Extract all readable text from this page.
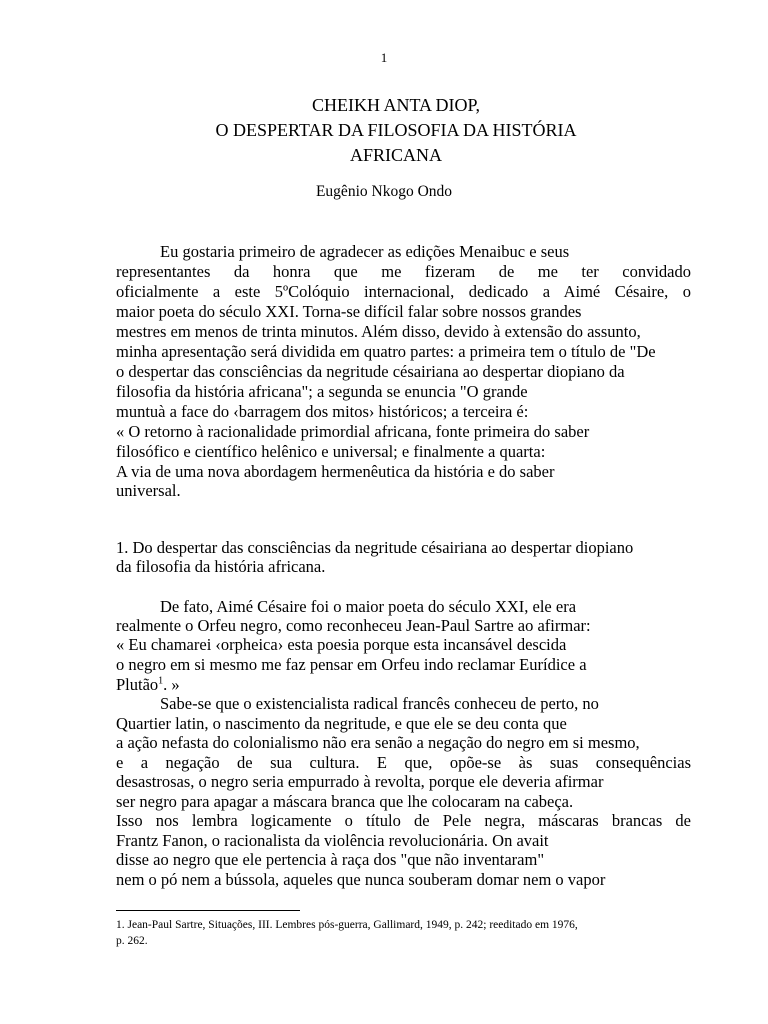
1
CHEIKH ANTA DIOP,
O DESPERTAR DA FILOSOFIA DA HISTÓRIA
AFRICANA
Eugênio Nkogo Ondo
Eu gostaria primeiro de agradecer as edições Menaibuc e seus
representantes da honra que me fizeram de me ter convidado
oficialmente a este 5ºColóquio internacional, dedicado a Aimé Césaire, o
maior poeta do século XXI. Torna-se difícil falar sobre nossos grandes
mestres em menos de trinta minutos. Além disso, devido à extensão do assunto,
minha apresentação será dividida em quatro partes: a primeira tem o título de "De
o despertar das consciências da negritude césairiana ao despertar diopiano da
filosofia da história africana"; a segunda se enuncia "O grande
muntuà a face do ‹barragem dos mitos› históricos; a terceira é:
« O retorno à racionalidade primordial africana, fonte primeira do saber
filosófico e científico helênico e universal; e finalmente a quarta:
A via de uma nova abordagem hermenêutica da história e do saber
universal.
1. Do despertar das consciências da negritude césairiana ao despertar diopiano
da filosofia da história africana.
De fato, Aimé Césaire foi o maior poeta do século XXI, ele era
realmente o Orfeu negro, como reconheceu Jean-Paul Sartre ao afirmar:
« Eu chamarei ‹orpheica› esta poesia porque esta incansável descida
o negro em si mesmo me faz pensar em Orfeu indo reclamar Eurídice a
Plutão$^1$. »
Sabe-se que o existencialista radical francês conheceu de perto, no
Quartier latin, o nascimento da negritude, e que ele se deu conta que
a ação nefasta do colonialismo não era senão a negação do negro em si mesmo,
e a negação de sua cultura. E que, opõe-se às suas consequências
desastrosas, o negro seria empurrado à revolta, porque ele deveria afirmar
ser negro para apagar a máscara branca que lhe colocaram na cabeça.
Isso nos lembra logicamente o título de Pele negra, máscaras brancas de
Frantz Fanon, o racionalista da violência revolucionária. On avait
disse ao negro que ele pertencia à raça dos "que não inventaram"
nem o pó nem a bússola, aqueles que nunca souberam domar nem o vapor
1. Jean-Paul Sartre, Situações, III. Lembres pós-guerra, Gallimard, 1949, p. 242; reeditado em 1976,
p. 262.
